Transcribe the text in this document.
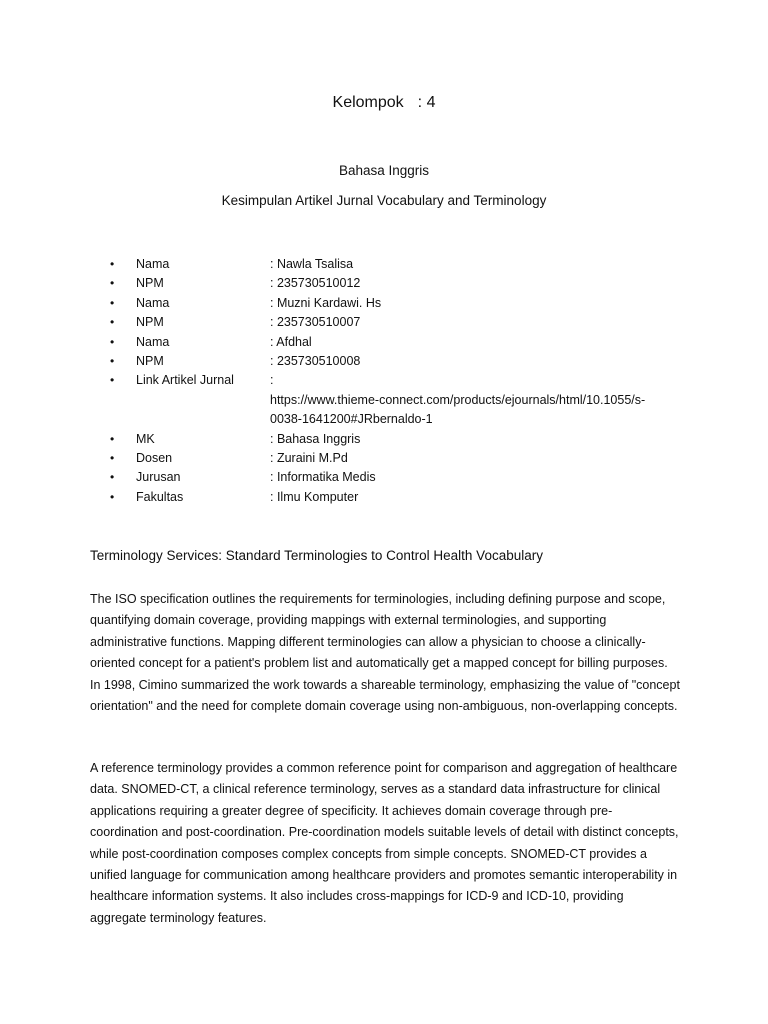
Kelompok : 4
Bahasa Inggris
Kesimpulan Artikel Jurnal Vocabulary and Terminology
•	Nama	: Nawla Tsalisa
•	NPM	: 235730510012
•	Nama	: Muzni Kardawi. Hs
•	NPM	: 235730510007
•	Nama	: Afdhal
•	NPM	: 235730510008
•	Link Artikel Jurnal	:
https://www.thieme-connect.com/products/ejournals/html/10.1055/s-
0038-1641200#JRbernaldo-1
•	MK	: Bahasa Inggris
•	Dosen	: Zuraini M.Pd
•	Jurusan	: Informatika Medis
•	Fakultas	: Ilmu Komputer
Terminology Services: Standard Terminologies to Control Health Vocabulary

The ISO specification outlines the requirements for terminologies, including defining purpose and scope, quantifying domain coverage, providing mappings with external terminologies, and supporting administrative functions. Mapping different terminologies can allow a physician to choose a clinically-oriented concept for a patient's problem list and automatically get a mapped concept for billing purposes. In 1998, Cimino summarized the work towards a shareable terminology, emphasizing the value of "concept orientation" and the need for complete domain coverage using non-ambiguous, non-overlapping concepts.

A reference terminology provides a common reference point for comparison and aggregation of healthcare data. SNOMED-CT, a clinical reference terminology, serves as a standard data infrastructure for clinical applications requiring a greater degree of specificity. It achieves domain coverage through pre-coordination and post-coordination. Pre-coordination models suitable levels of detail with distinct concepts, while post-coordination composes complex concepts from simple concepts. SNOMED-CT provides a unified language for communication among healthcare providers and promotes semantic interoperability in healthcare information systems. It also includes cross-mappings for ICD-9 and ICD-10, providing aggregate terminology features.
